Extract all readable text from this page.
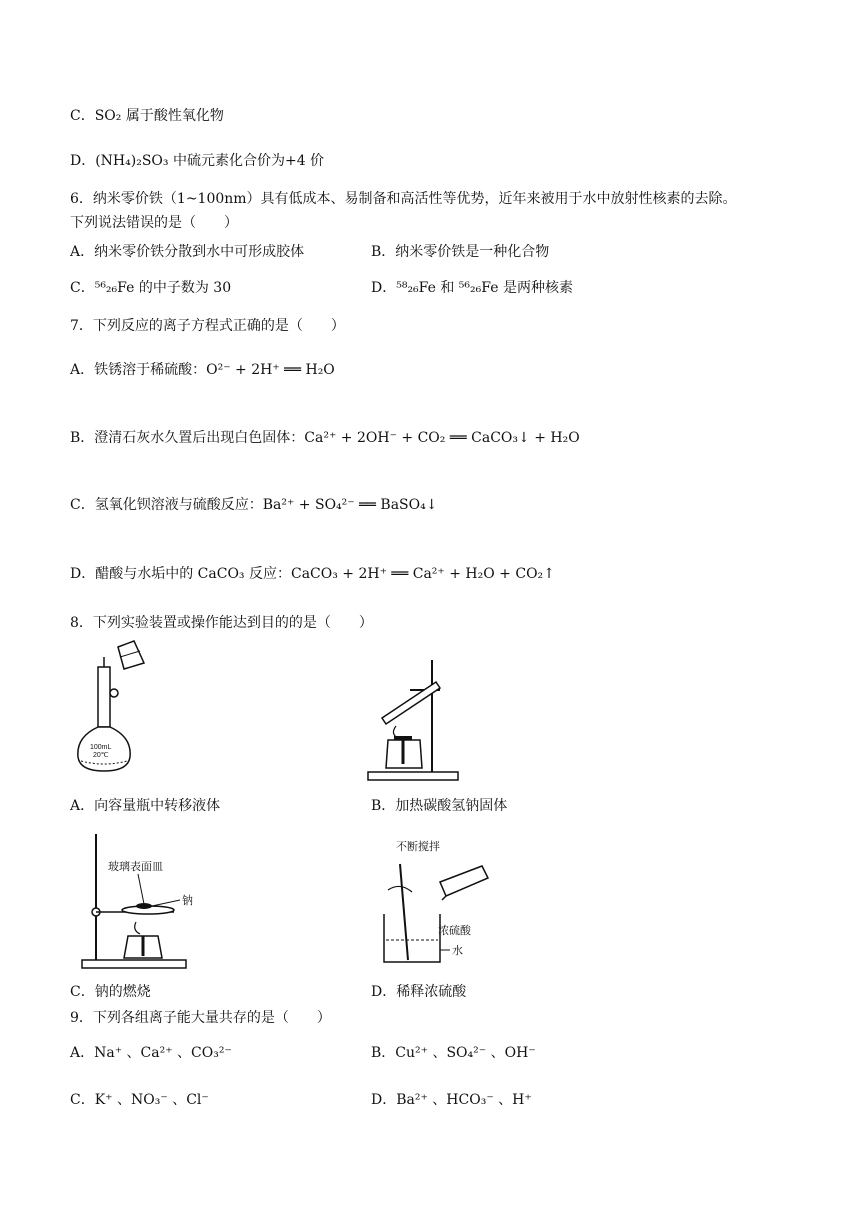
C．SO₂ 属于酸性氧化物
D．(NH₄)₂SO₃ 中硫元素化合价为+4 价
6．纳米零价铁（1~100nm）具有低成本、易制备和高活性等优势，近年来被用于水中放射性核素的去除。
下列说法错误的是（　　）
A．纳米零价铁分散到水中可形成胶体	B．纳米零价铁是一种化合物
C．⁵⁶₂₆Fe 的中子数为 30	D．⁵⁸₂₆Fe 和 ⁵⁶₂₆Fe 是两种核素
7．下列反应的离子方程式正确的是（　　）
A．铁锈溶于稀硫酸：O²⁻ + 2H⁺ ══ H₂O
B．澄清石灰水久置后出现白色固体：Ca²⁺ + 2OH⁻ + CO₂ ══ CaCO₃↓ + H₂O
C．氢氧化钡溶液与硫酸反应：Ba²⁺ + SO₄²⁻ ══ BaSO₄↓
D．醋酸与水垢中的 CaCO₃ 反应：CaCO₃ + 2H⁺ ══ Ca²⁺ + H₂O + CO₂↑
8．下列实验装置或操作能达到目的的是（　　）
100mL
20℃
A．向容量瓶中转移液体	B．加热碳酸氢钠固体
玻璃表面皿
钠
不断搅拌
浓硫酸
水
C．钠的燃烧	D．稀释浓硫酸
9．下列各组离子能大量共存的是（　　）
A．Na⁺ 、Ca²⁺ 、CO₃²⁻	B．Cu²⁺ 、SO₄²⁻ 、OH⁻
C．K⁺ 、NO₃⁻ 、Cl⁻	D．Ba²⁺ 、HCO₃⁻ 、H⁺
